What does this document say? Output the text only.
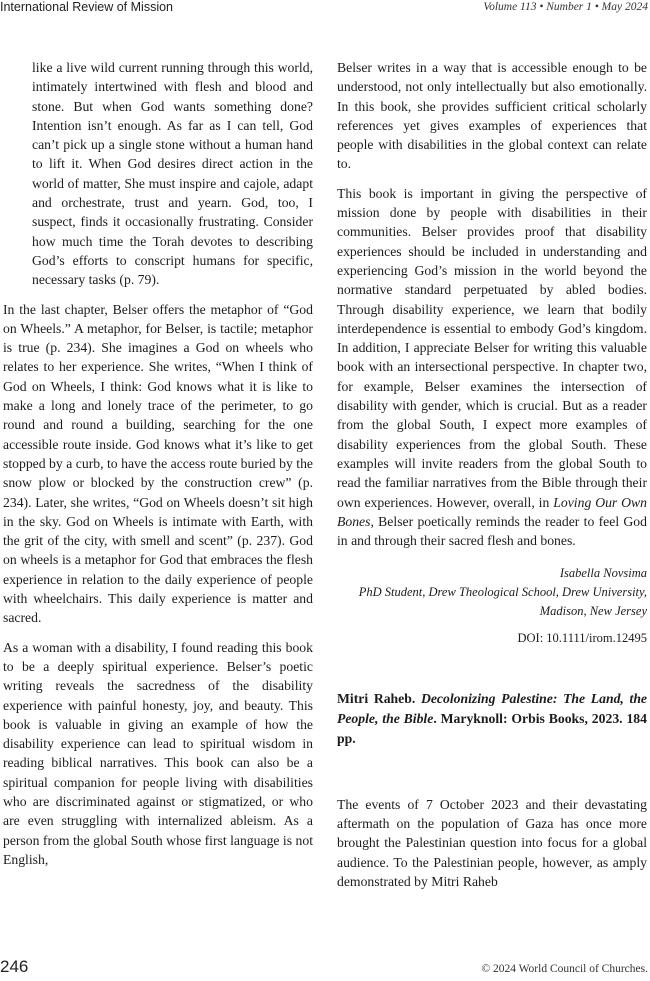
International Review of Mission	Volume 113 • Number 1 • May 2024

like a live wild current running through this world, intimately intertwined with flesh and blood and stone. But when God wants something done? Intention isn’t enough. As far as I can tell, God can’t pick up a single stone without a human hand to lift it. When God desires direct action in the world of matter, She must inspire and cajole, adapt and orchestrate, trust and yearn. God, too, I suspect, finds it occasionally frustrating. Consider how much time the Torah devotes to describing God’s efforts to conscript humans for specific, necessary tasks (p. 79).

In the last chapter, Belser offers the metaphor of “God on Wheels.” A metaphor, for Belser, is tactile; metaphor is true (p. 234). She imagines a God on wheels who relates to her experience. She writes, “When I think of God on Wheels, I think: God knows what it is like to make a long and lonely trace of the perimeter, to go round and round a building, searching for the one accessible route inside. God knows what it’s like to get stopped by a curb, to have the access route buried by the snow plow or blocked by the construction crew” (p. 234). Later, she writes, “God on Wheels doesn’t sit high in the sky. God on Wheels is intimate with Earth, with the grit of the city, with smell and scent” (p. 237). God on wheels is a metaphor for God that embraces the flesh experience in relation to the daily experience of people with wheelchairs. This daily experience is matter and sacred.

As a woman with a disability, I found reading this book to be a deeply spiritual experience. Belser’s poetic writing reveals the sacredness of the disability experience with painful honesty, joy, and beauty. This book is valuable in giving an example of how the disability experience can lead to spiritual wisdom in reading biblical narratives. This book can also be a spiritual companion for people living with disabilities who are discriminated against or stigmatized, or who are even struggling with internalized ableism. As a person from the global South whose first language is not English,

Belser writes in a way that is accessible enough to be understood, not only intellectually but also emotionally. In this book, she provides sufficient critical scholarly references yet gives examples of experiences that people with disabilities in the global context can relate to.

This book is important in giving the perspective of mission done by people with disabilities in their communities. Belser provides proof that disability experiences should be included in understanding and experiencing God’s mission in the world beyond the normative standard perpetuated by abled bodies. Through disability experience, we learn that bodily interdependence is essential to embody God’s kingdom. In addition, I appreciate Belser for writing this valuable book with an intersectional perspective. In chapter two, for example, Belser examines the intersection of disability with gender, which is crucial. But as a reader from the global South, I expect more examples of disability experiences from the global South. These examples will invite readers from the global South to read the familiar narratives from the Bible through their own experiences. However, overall, in Loving Our Own Bones, Belser poetically reminds the reader to feel God in and through their sacred flesh and bones.

Isabella Novsima
PhD Student, Drew Theological School, Drew University,
Madison, New Jersey
DOI: 10.1111/irom.12495
Mitri Raheb. Decolonizing Palestine: The Land, the People, the Bible. Maryknoll: Orbis Books, 2023. 184 pp.

The events of 7 October 2023 and their devastating aftermath on the population of Gaza has once more brought the Palestinian question into focus for a global audience. To the Palestinian people, however, as amply demonstrated by Mitri Raheb

246	© 2024 World Council of Churches.
